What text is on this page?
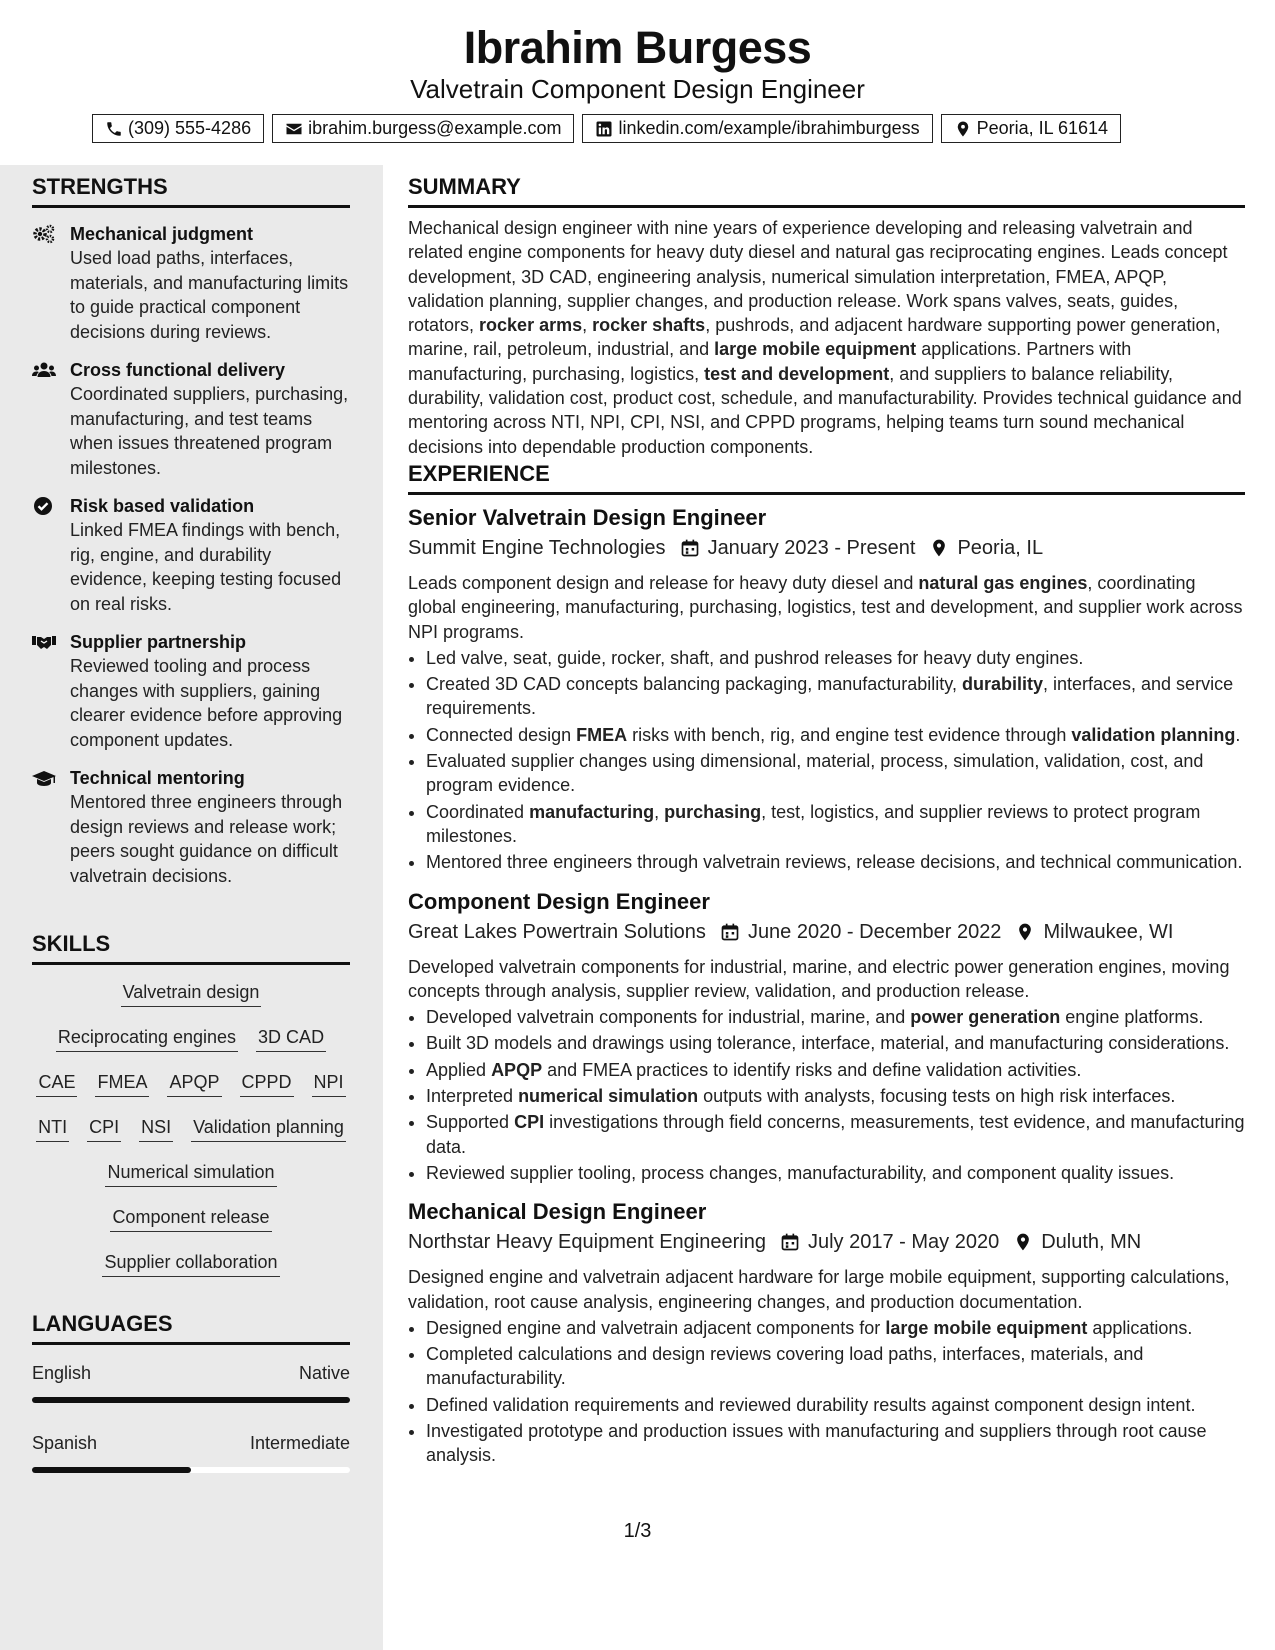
Ibrahim Burgess
Valvetrain Component Design Engineer
(309) 555-4286	ibrahim.burgess@example.com	linkedin.com/example/ibrahimburgess	Peoria, IL 61614
STRENGTHS
Mechanical judgment
Used load paths, interfaces, materials, and manufacturing limits to guide practical component decisions during reviews.
Cross functional delivery
Coordinated suppliers, purchasing, manufacturing, and test teams when issues threatened program milestones.
Risk based validation
Linked FMEA findings with bench, rig, engine, and durability evidence, keeping testing focused on real risks.
Supplier partnership
Reviewed tooling and process changes with suppliers, gaining clearer evidence before approving component updates.
Technical mentoring
Mentored three engineers through design reviews and release work; peers sought guidance on difficult valvetrain decisions.
SKILLS
Valvetrain design
Reciprocating engines 3D CAD
CAE FMEA APQP CPPD NPI
NTI CPI NSI Validation planning
Numerical simulation
Component release
Supplier collaboration
LANGUAGES
English	Native
Spanish	Intermediate
SUMMARY
Mechanical design engineer with nine years of experience developing and releasing valvetrain and related engine components for heavy duty diesel and natural gas reciprocating engines. Leads concept development, 3D CAD, engineering analysis, numerical simulation interpretation, FMEA, APQP, validation planning, supplier changes, and production release. Work spans valves, seats, guides, rotators, rocker arms, rocker shafts, pushrods, and adjacent hardware supporting power generation, marine, rail, petroleum, industrial, and large mobile equipment applications. Partners with manufacturing, purchasing, logistics, test and development, and suppliers to balance reliability, durability, validation cost, product cost, schedule, and manufacturability. Provides technical guidance and mentoring across NTI, NPI, CPI, NSI, and CPPD programs, helping teams turn sound mechanical decisions into dependable production components.
EXPERIENCE
Senior Valvetrain Design Engineer
Summit Engine Technologies January 2023 - Present Peoria, IL
Leads component design and release for heavy duty diesel and natural gas engines, coordinating global engineering, manufacturing, purchasing, logistics, test and development, and supplier work across NPI programs.
• Led valve, seat, guide, rocker, shaft, and pushrod releases for heavy duty engines.
• Created 3D CAD concepts balancing packaging, manufacturability, durability, interfaces, and service requirements.
• Connected design FMEA risks with bench, rig, and engine test evidence through validation planning.
• Evaluated supplier changes using dimensional, material, process, simulation, validation, cost, and program evidence.
• Coordinated manufacturing, purchasing, test, logistics, and supplier reviews to protect program milestones.
• Mentored three engineers through valvetrain reviews, release decisions, and technical communication.
Component Design Engineer
Great Lakes Powertrain Solutions June 2020 - December 2022 Milwaukee, WI
Developed valvetrain components for industrial, marine, and electric power generation engines, moving concepts through analysis, supplier review, validation, and production release.
• Developed valvetrain components for industrial, marine, and power generation engine platforms.
• Built 3D models and drawings using tolerance, interface, material, and manufacturing considerations.
• Applied APQP and FMEA practices to identify risks and define validation activities.
• Interpreted numerical simulation outputs with analysts, focusing tests on high risk interfaces.
• Supported CPI investigations through field concerns, measurements, test evidence, and manufacturing data.
• Reviewed supplier tooling, process changes, manufacturability, and component quality issues.
Mechanical Design Engineer
Northstar Heavy Equipment Engineering July 2017 - May 2020 Duluth, MN
Designed engine and valvetrain adjacent hardware for large mobile equipment, supporting calculations, validation, root cause analysis, engineering changes, and production documentation.
• Designed engine and valvetrain adjacent components for large mobile equipment applications.
• Completed calculations and design reviews covering load paths, interfaces, materials, and manufacturability.
• Defined validation requirements and reviewed durability results against component design intent.
• Investigated prototype and production issues with manufacturing and suppliers through root cause analysis.
1/3
